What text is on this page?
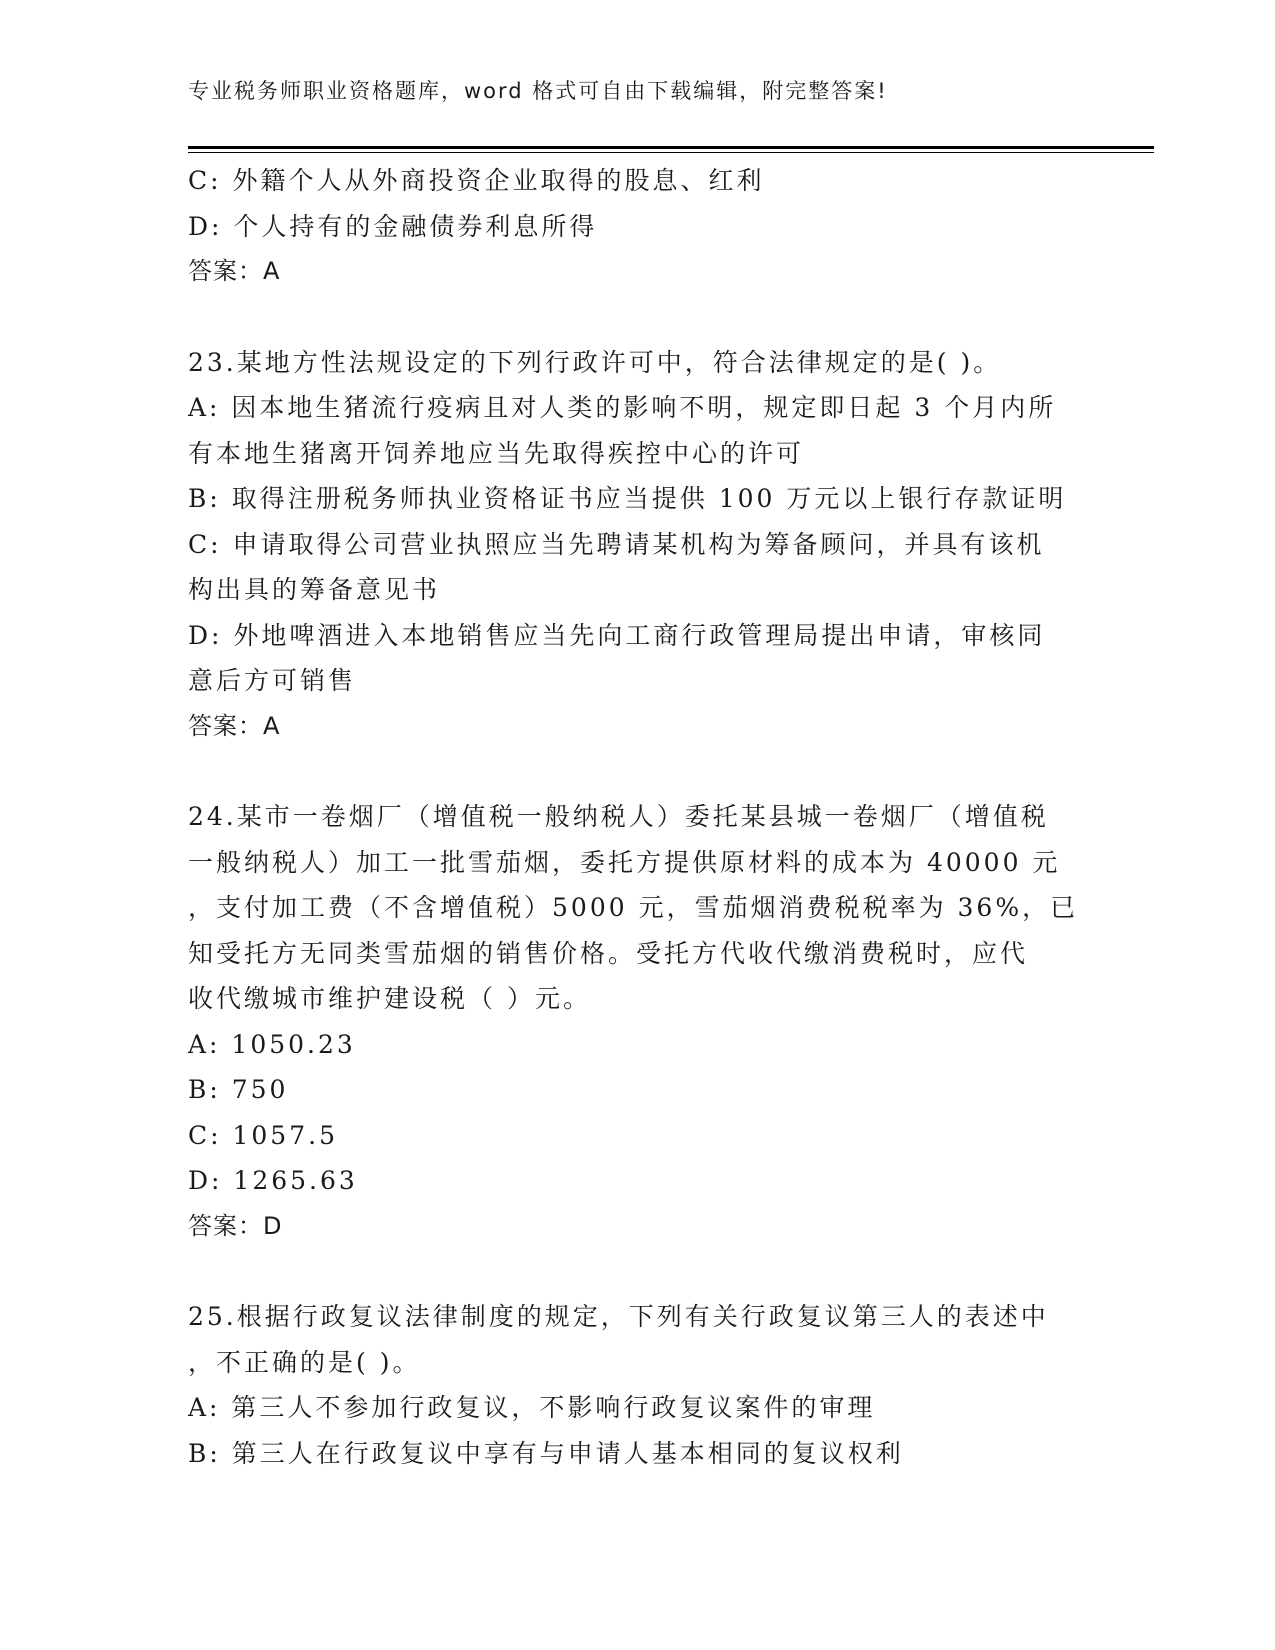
专业税务师职业资格题库，word 格式可自由下载编辑，附完整答案!
C: 外籍个人从外商投资企业取得的股息、红利
D: 个人持有的金融债券利息所得
答案：A
23.某地方性法规设定的下列行政许可中，符合法律规定的是( )。
A: 因本地生猪流行疫病且对人类的影响不明，规定即日起 3 个月内所
有本地生猪离开饲养地应当先取得疾控中心的许可
B: 取得注册税务师执业资格证书应当提供 100 万元以上银行存款证明
C: 申请取得公司营业执照应当先聘请某机构为筹备顾问，并具有该机
构出具的筹备意见书
D: 外地啤酒进入本地销售应当先向工商行政管理局提出申请，审核同
意后方可销售
答案：A
24.某市一卷烟厂（增值税一般纳税人）委托某县城一卷烟厂（增值税
一般纳税人）加工一批雪茄烟，委托方提供原材料的成本为 40000 元
，支付加工费（不含增值税）5000 元，雪茄烟消费税税率为 36%，已
知受托方无同类雪茄烟的销售价格。受托方代收代缴消费税时，应代
收代缴城市维护建设税（ ）元。
A: 1050.23
B: 750
C: 1057.5
D: 1265.63
答案：D
25.根据行政复议法律制度的规定，下列有关行政复议第三人的表述中
，不正确的是( )。
A: 第三人不参加行政复议，不影响行政复议案件的审理
B: 第三人在行政复议中享有与申请人基本相同的复议权利
